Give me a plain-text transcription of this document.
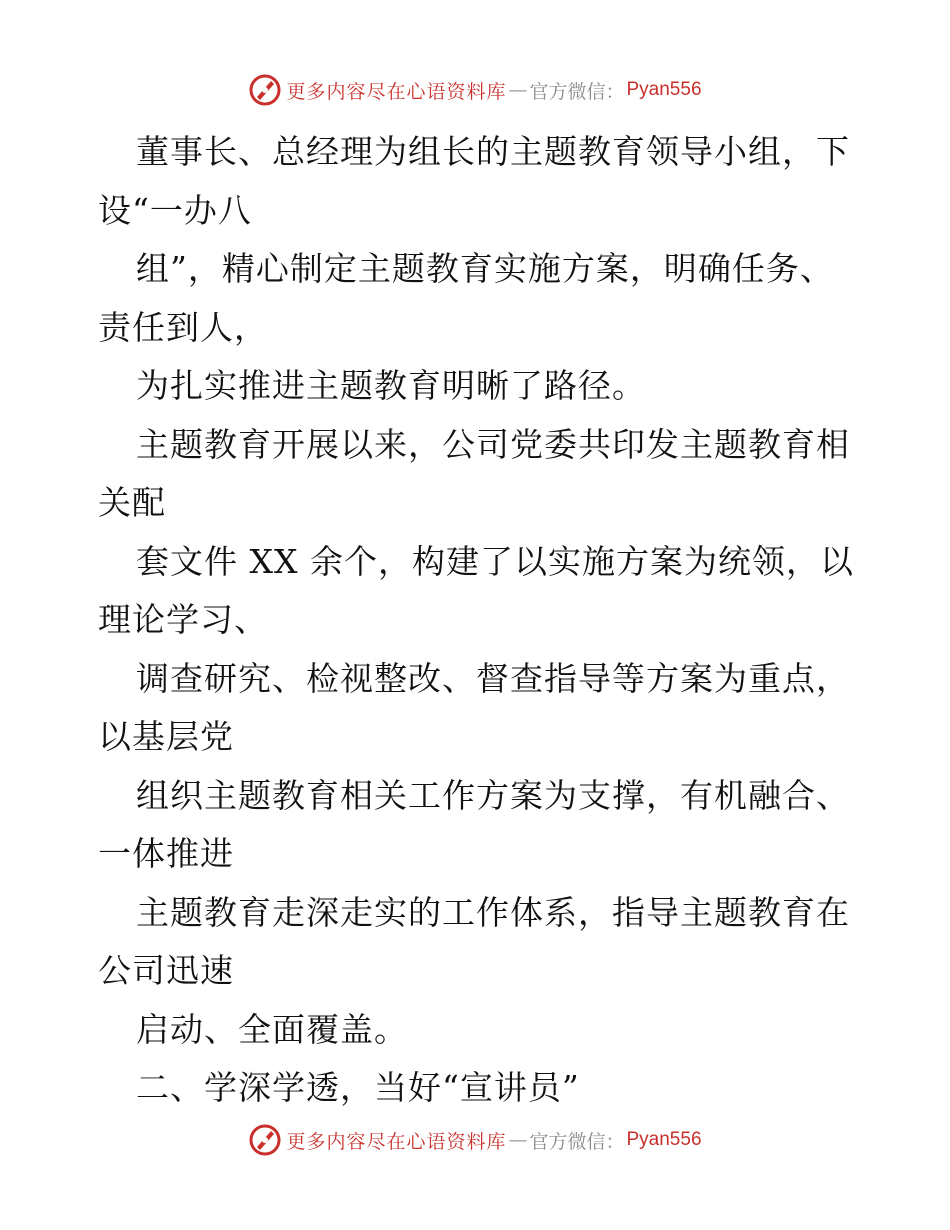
更多内容尽在心语资料库 — 官方微信： Pyan556
董事长、总经理为组长的主题教育领导小组，下
设“一办八
组”，精心制定主题教育实施方案，明确任务、
责任到人，
为扎实推进主题教育明晰了路径。
主题教育开展以来，公司党委共印发主题教育相
关配
套文件 XX 余个，构建了以实施方案为统领，以
理论学习、
调查研究、检视整改、督查指导等方案为重点，
以基层党
组织主题教育相关工作方案为支撑，有机融合、
一体推进
主题教育走深走实的工作体系，指导主题教育在
公司迅速
启动、全面覆盖。
二、学深学透，当好“宣讲员”
更多内容尽在心语资料库 — 官方微信： Pyan556
